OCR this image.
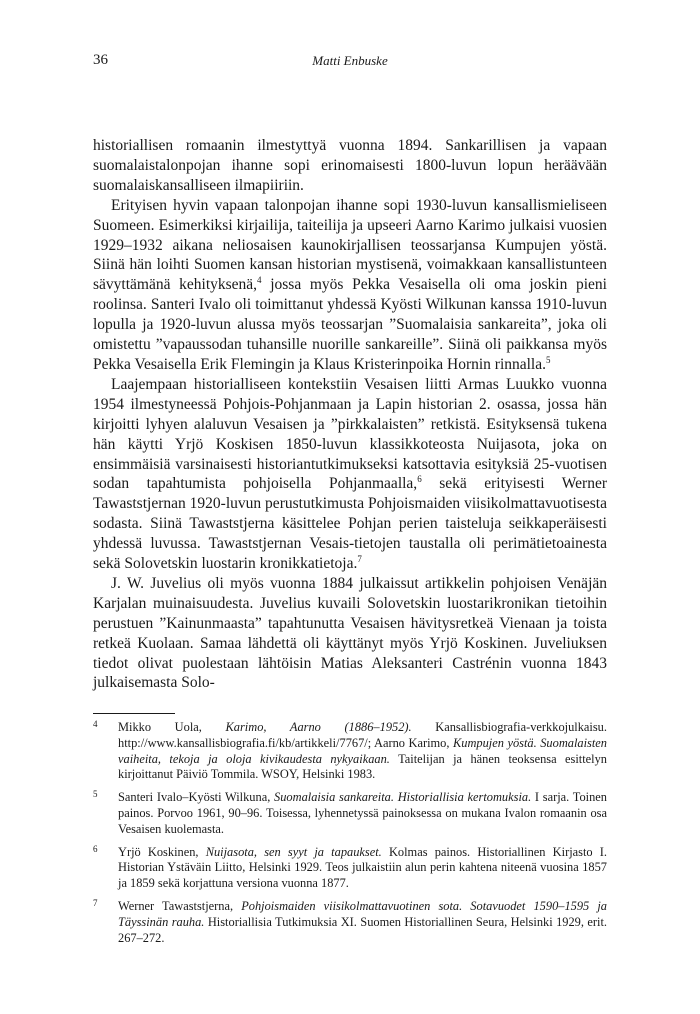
36	Matti Enbuske

historiallisen romaanin ilmestyttyä vuonna 1894. Sankarillisen ja vapaan suomalaistalonpojan ihanne sopi erinomaisesti 1800-luvun lopun heräävään suomalaiskansalliseen ilmapiiriin.

Erityisen hyvin vapaan talonpojan ihanne sopi 1930-luvun kansallismieliseen Suomeen. Esimerkiksi kirjailija, taiteilija ja upseeri Aarno Karimo julkaisi vuosien 1929–1932 aikana neliosaisen kaunokirjallisen teossarjansa Kumpujen yöstä. Siinä hän loihti Suomen kansan historian mystisenä, voimakkaan kansallistunteen sävyttämänä kehityksenä,$^4$ jossa myös Pekka Vesaisella oli oma joskin pieni roolinsa. Santeri Ivalo oli toimittanut yhdessä Kyösti Wilkunan kanssa 1910-luvun lopulla ja 1920-luvun alussa myös teossarjan ”Suomalaisia sankareita”, joka oli omistettu ”vapaussodan tuhansille nuorille sankareille”. Siinä oli paikkansa myös Pekka Vesaisella Erik Flemingin ja Klaus Kristerinpoika Hornin rinnalla.$^5$

Laajempaan historialliseen kontekstiin Vesaisen liitti Armas Luukko vuonna 1954 ilmestyneessä Pohjois-Pohjanmaan ja Lapin historian 2. osassa, jossa hän kirjoitti lyhyen alaluvun Vesaisen ja ”pirkkalaisten” retkistä. Esityksensä tukena hän käytti Yrjö Koskisen 1850-luvun klassikkoteosta Nuijasota, joka on ensimmäisiä varsinaisesti historiantutkimukseksi katsottavia esityksiä 25-vuotisen sodan tapahtumista pohjoisella Pohjanmaalla,$^6$ sekä erityisesti Werner Tawaststjernan 1920-luvun perustutkimusta Pohjoismaiden viisikolmattavuotisesta sodasta. Siinä Tawaststjerna käsittelee Pohjan perien taisteluja seikkaperäisesti yhdessä luvussa. Tawaststjernan Vesais-tietojen taustalla oli perimätietoainesta sekä Solovetskin luostarin kronikkatietoja.$^7$

J. W. Juvelius oli myös vuonna 1884 julkaissut artikkelin pohjoisen Venäjän Karjalan muinaisuudesta. Juvelius kuvaili Solovetskin luostarikronikan tietoihin perustuen ”Kainunmaasta” tapahtunutta Vesaisen hävitysretkeä Vienaan ja toista retkeä Kuolaan. Samaa lähdettä oli käyttänyt myös Yrjö Koskinen. Juveliuksen tiedot olivat puolestaan lähtöisin Matias Aleksanteri Castrénin vuonna 1843 julkaisemasta Solo-

4	Mikko Uola, Karimo, Aarno (1886–1952). Kansallisbiografia-verkkojulkaisu. http://www.kansallisbiografia.fi/kb/artikkeli/7767/; Aarno Karimo, Kumpujen yöstä. Suomalaisten vaiheita, tekoja ja oloja kivikaudesta nykyaikaan. Taitelijan ja hänen teoksensa esittelyn kirjoittanut Päiviö Tommila. WSOY, Helsinki 1983.
5	Santeri Ivalo–Kyösti Wilkuna, Suomalaisia sankareita. Historiallisia kertomuksia. I sarja. Toinen painos. Porvoo 1961, 90–96. Toisessa, lyhennetyssä painoksessa on mukana Ivalon romaanin osa Vesaisen kuolemasta.
6	Yrjö Koskinen, Nuijasota, sen syyt ja tapaukset. Kolmas painos. Historiallinen Kirjasto I. Historian Ystäväin Liitto, Helsinki 1929. Teos julkaistiin alun perin kahtena niteenä vuosina 1857 ja 1859 sekä korjattuna versiona vuonna 1877.
7	Werner Tawaststjerna, Pohjoismaiden viisikolmattavuotinen sota. Sotavuodet 1590–1595 ja Täyssinän rauha. Historiallisia Tutkimuksia XI. Suomen Historiallinen Seura, Helsinki 1929, erit. 267–272.
